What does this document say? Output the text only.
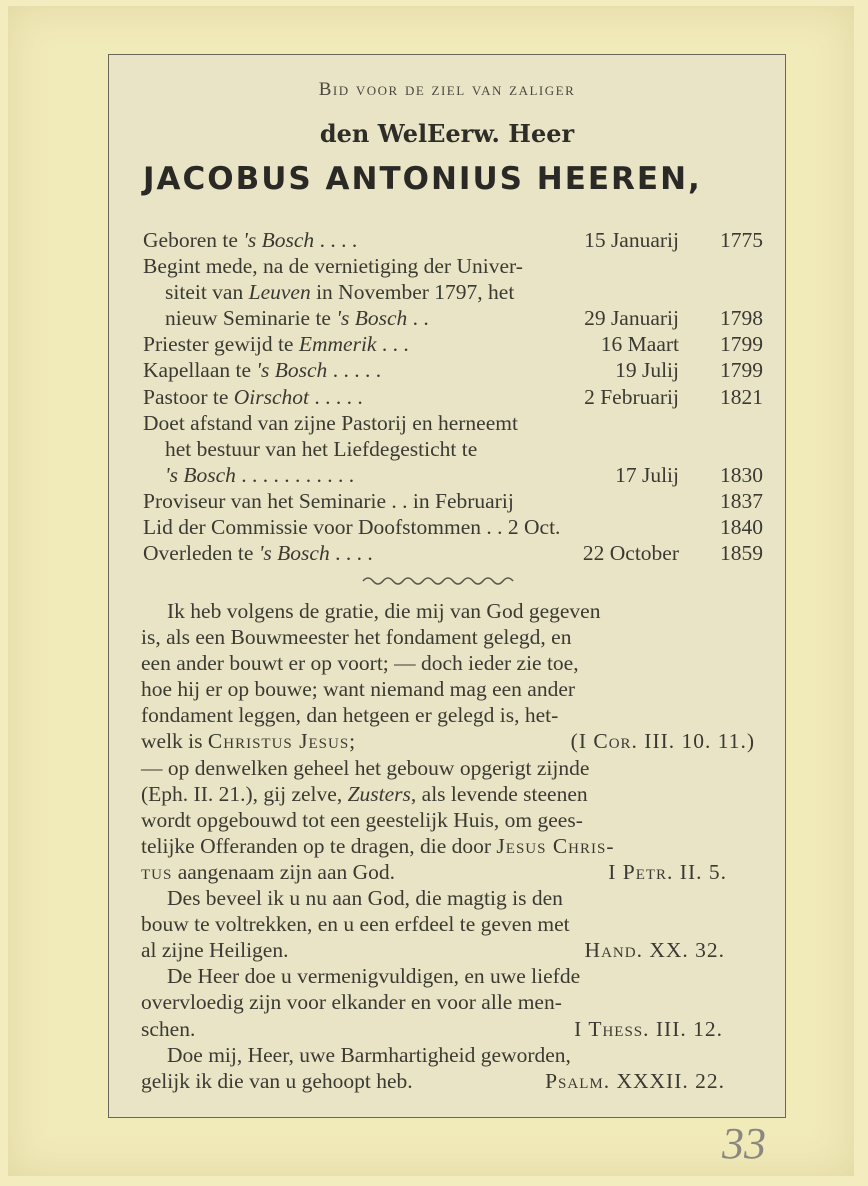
Bid voor de ziel van zaliger
den WelEerw. Heer
JACOBUS ANTONIUS HEEREN,
Geboren te 's Bosch . . . .	15 Januarij 1775
Begint mede, na de vernietiging der Univer-
siteit van Leuven in November 1797, het
nieuw Seminarie te 's Bosch . .	29 Januarij 1798
Priester gewijd te Emmerik . . .	16 Maart 1799
Kapellaan te 's Bosch . . . . .	19 Julij 1799
Pastoor te Oirschot . . . . .	2 Februarij 1821
Doet afstand van zijne Pastorij en herneemt
het bestuur van het Liefdegesticht te
's Bosch . . . . . . . . . . .	17 Julij 1830
Proviseur van het Seminarie . . in Februarij	1837
Lid der Commissie voor Doofstommen . . 2 Oct.	1840
Overleden te 's Bosch . . . .	22 October 1859
Ik heb volgens de gratie, die mij van God gegeven
is, als een Bouwmeester het fondament gelegd, en
een ander bouwt er op voort; — doch ieder zie toe,
hoe hij er op bouwe; want niemand mag een ander
fondament leggen, dan hetgeen er gelegd is, het-
welk is Christus Jesus;	(I Cor. III. 10. 11.)
— op denwelken geheel het gebouw opgerigt zijnde
(Eph. II. 21.), gij zelve, Zusters, als levende steenen
wordt opgebouwd tot een geestelijk Huis, om gees-
telijke Offeranden op te dragen, die door Jesus Chris-
tus aangenaam zijn aan God.	I Petr. II. 5.
Des beveel ik u nu aan God, die magtig is den
bouw te voltrekken, en u een erfdeel te geven met
al zijne Heiligen.	Hand. XX. 32.
De Heer doe u vermenigvuldigen, en uwe liefde
overvloedig zijn voor elkander en voor alle men-
schen.	I Thess. III. 12.
Doe mij, Heer, uwe Barmhartigheid geworden,
gelijk ik die van u gehoopt heb.	Psalm. XXXII. 22.
33
